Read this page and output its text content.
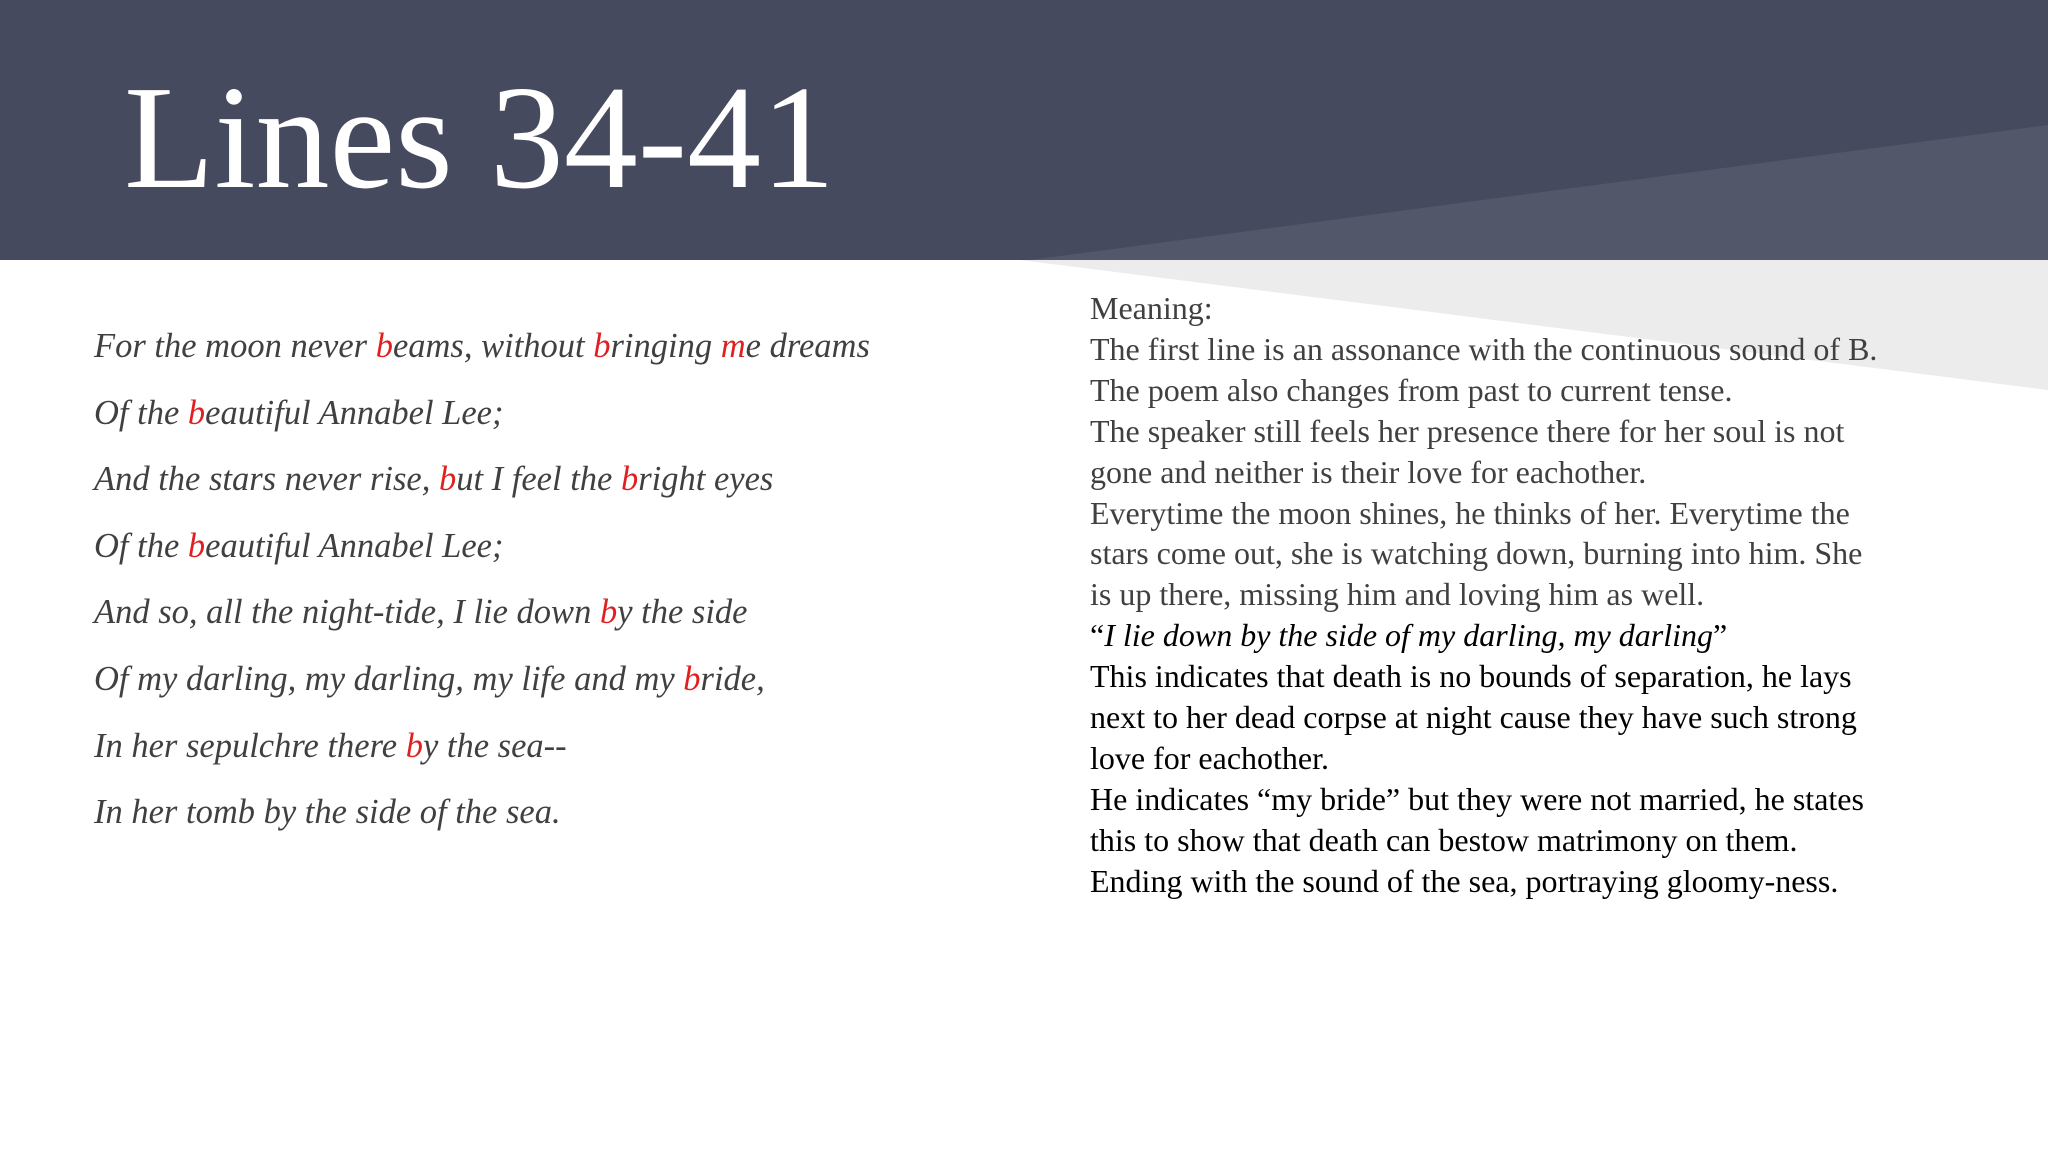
Lines 34-41
For the moon never beams, without bringing me dreams
Of the beautiful Annabel Lee;
And the stars never rise, but I feel the bright eyes
Of the beautiful Annabel Lee;
And so, all the night-tide, I lie down by the side
Of my darling, my darling, my life and my bride,
In her sepulchre there by the sea--
In her tomb by the side of the sea.
Meaning:
The first line is an assonance with the continuous sound of B.
The poem also changes from past to current tense.
The speaker still feels her presence there for her soul is not
gone and neither is their love for eachother.
Everytime the moon shines, he thinks of her. Everytime the
stars come out, she is watching down, burning into him. She
is up there, missing him and loving him as well.
“I lie down by the side of my darling, my darling”
This indicates that death is no bounds of separation, he lays
next to her dead corpse at night cause they have such strong
love for eachother.
He indicates “my bride” but they were not married, he states
this to show that death can bestow matrimony on them.
Ending with the sound of the sea, portraying gloomy-ness.
